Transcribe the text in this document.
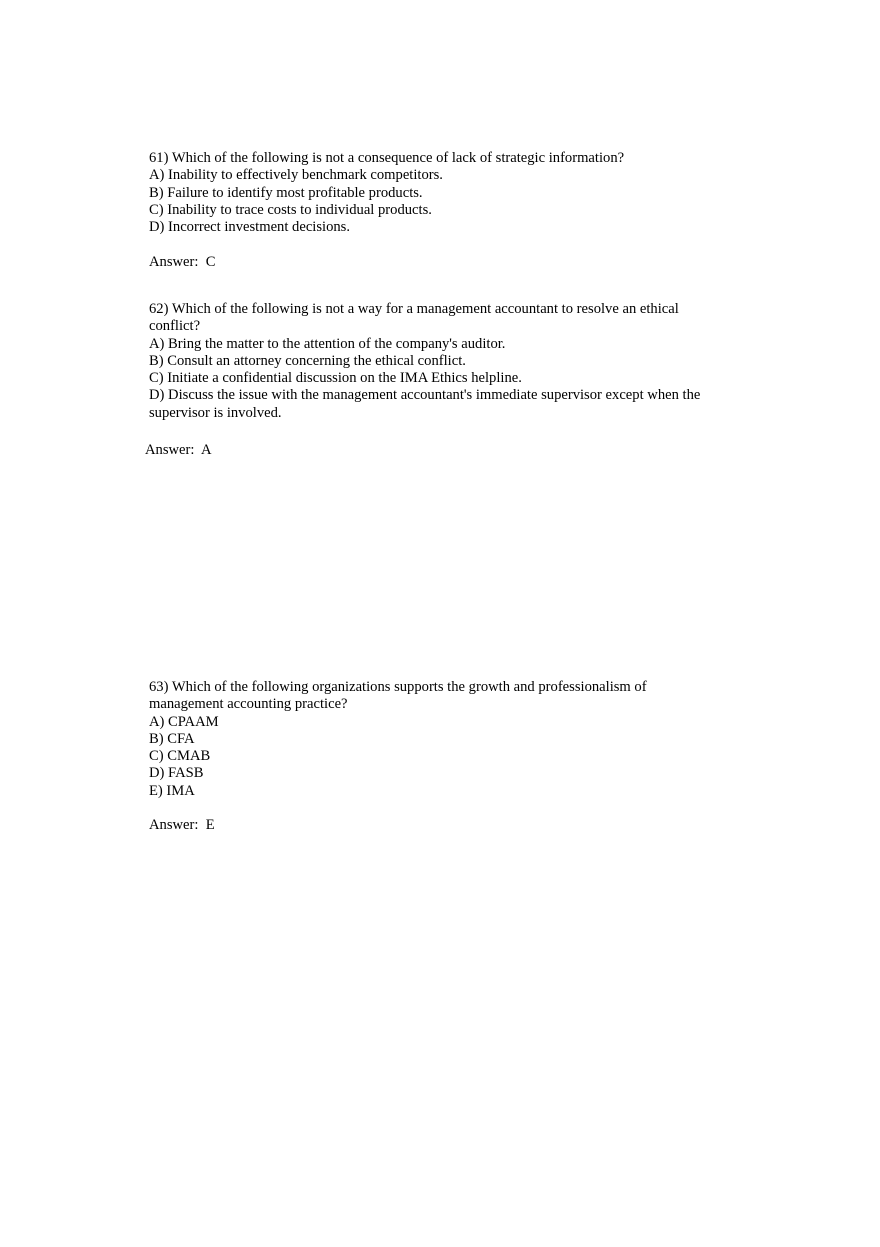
61) Which of the following is not a consequence of lack of strategic information?
A) Inability to effectively benchmark competitors.
B) Failure to identify most profitable products.
C) Inability to trace costs to individual products.
D) Incorrect investment decisions.
Answer:  C
62) Which of the following is not a way for a management accountant to resolve an ethical
conflict?
A) Bring the matter to the attention of the company's auditor.
B) Consult an attorney concerning the ethical conflict.
C) Initiate a confidential discussion on the IMA Ethics helpline.
D) Discuss the issue with the management accountant's immediate supervisor except when the
supervisor is involved.
Answer:  A
63) Which of the following organizations supports the growth and professionalism of
management accounting practice?
A) CPAAM
B) CFA
C) CMAB
D) FASB
E) IMA
Answer:  E
